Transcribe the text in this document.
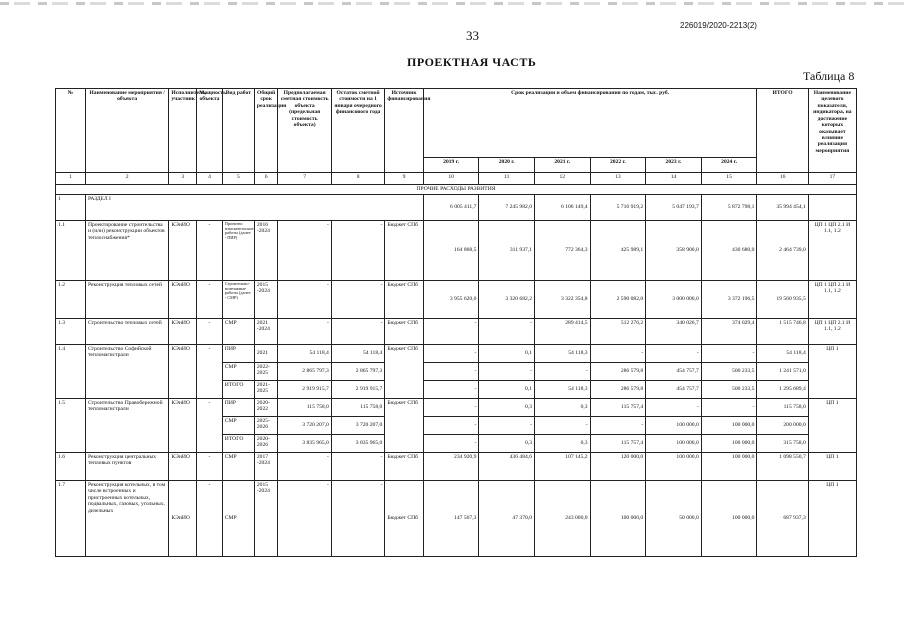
33
226019/2020-2213(2)
ПРОЕКТНАЯ ЧАСТЬ
Таблица 8
№	Наименование мероприятия / объекта	Исполнитель, участник	Мощность объекта	Вид работ	Общий срок реализации	Предполагаемая сметная стоимость объекта (предельная стоимость объекта)	Остаток сметной стоимости на 1 января очередного финансового года	Источник финансирования	Срок реализации и объем финансирования по годам, тыс. руб.						ИТОГО	Наименование целевого показателя, индикатора, на достижение которых оказывает влияние реализация мероприятия
									2019 г.	2020 г.	2021 г.	2022 г.	2023 г.	2024 г.		
1	2	3	4	5	6	7	8	9	10	11	12	13	14	15	16	17
ПРОЧИЕ РАСХОДЫ РАЗВИТИЯ																
1	РАЗДЕЛ I								6 005 411,7	7 245 982,0	6 106 149,4	5 716 919,2	5 047 193,7	5 872 798,1	35 994 454,1	
1.1	Проектирование строительства и (или) реконструкции объектов теплоснабжения*	КЭиИО	-	Проектно изыскательские работы (далее - ПИР)	2016 -2024	-	-	Бюджет СПб	164 868,5	311 937,1	772 364,3	425 989,1	358 900,0	430 680,0	2 464 739,0	ЦП 1 ЦП 2.1 И 1.1, 1.2
1.2	Реконструкция тепловых сетей	КЭиИО	-	Строительно-монтажные работы (далее - СМР)	2015 -2024	-	-	Бюджет СПб	3 955 620,0	3 320 682,2	3 322 354,8	2 590 082,0	3 000 000,0	3 372 196,5	19 560 935,5	ЦП 1 ЦП 2.1 И 1.1, 1.2
1.3	Строительство тепловых сетей	КЭиИО	-	СМР	2021 -2024	-	-	Бюджет СПб	-	-	289 414,5	512 276,2	340 026,7	374 029,4	1 515 746,8	ЦП 1 ЦП 2.1 И 1.1, 1.2
1.4	Строительство Софийской тепломагистрали	КЭиИО	-	ПИР	2021	54 118,4	54 118,4	Бюджет СПб	-	0,1	54 118,3	-	-	-	54 118,4	ЦП 1
				СМР	2022-2025	2 865 797,3	2 865 797,3		-	-	-	286 579,8	454 757,7	500 233,5	1 241 571,0	
				ИТОГО	2021-2025	2 919 915,7	2 919 915,7		-	0,1	54 118,3	286 579,8	454 757,7	500 233,5	1 295 689,4	
1.5	Строительство Правобережной тепломагистрали	КЭиИО	-	ПИР	2020-2022	115 758,0	115 758,0	Бюджет СПб	-	0,3	0,3	115 757,4	-	-	115 758,0	ЦП 1
				СМР	2025-2026	3 720 207,0	3 720 207,0		-	-	-	-	100 000,0	100 000,0	200 000,0	
				ИТОГО	2020-2026	3 835 965,0	3 835 965,0		-	0,3	0,3	115 757,4	100 000,0	100 000,0	315 758,0	
1.6	Реконструкция центральных тепловых пунктов	КЭиИО	-	СМР	2017 -2024	-	-	Бюджет СПб	234 920,9	436 484,6	107 145,2	120 000,0	100 000,0	100 000,0	1 098 550,7	ЦП 1
1.7	Реконструкция котельных, в том числе встроенных и пристроенных котельных, подвальных, газовых, угольных, дизельных	КЭиИО	-	СМР	2015 -2024	-	-	Бюджет СПб	147 567,3	47 370,0	243 000,0	100 000,0	50 000,0	100 000,0	687 937,3	ЦП 1
